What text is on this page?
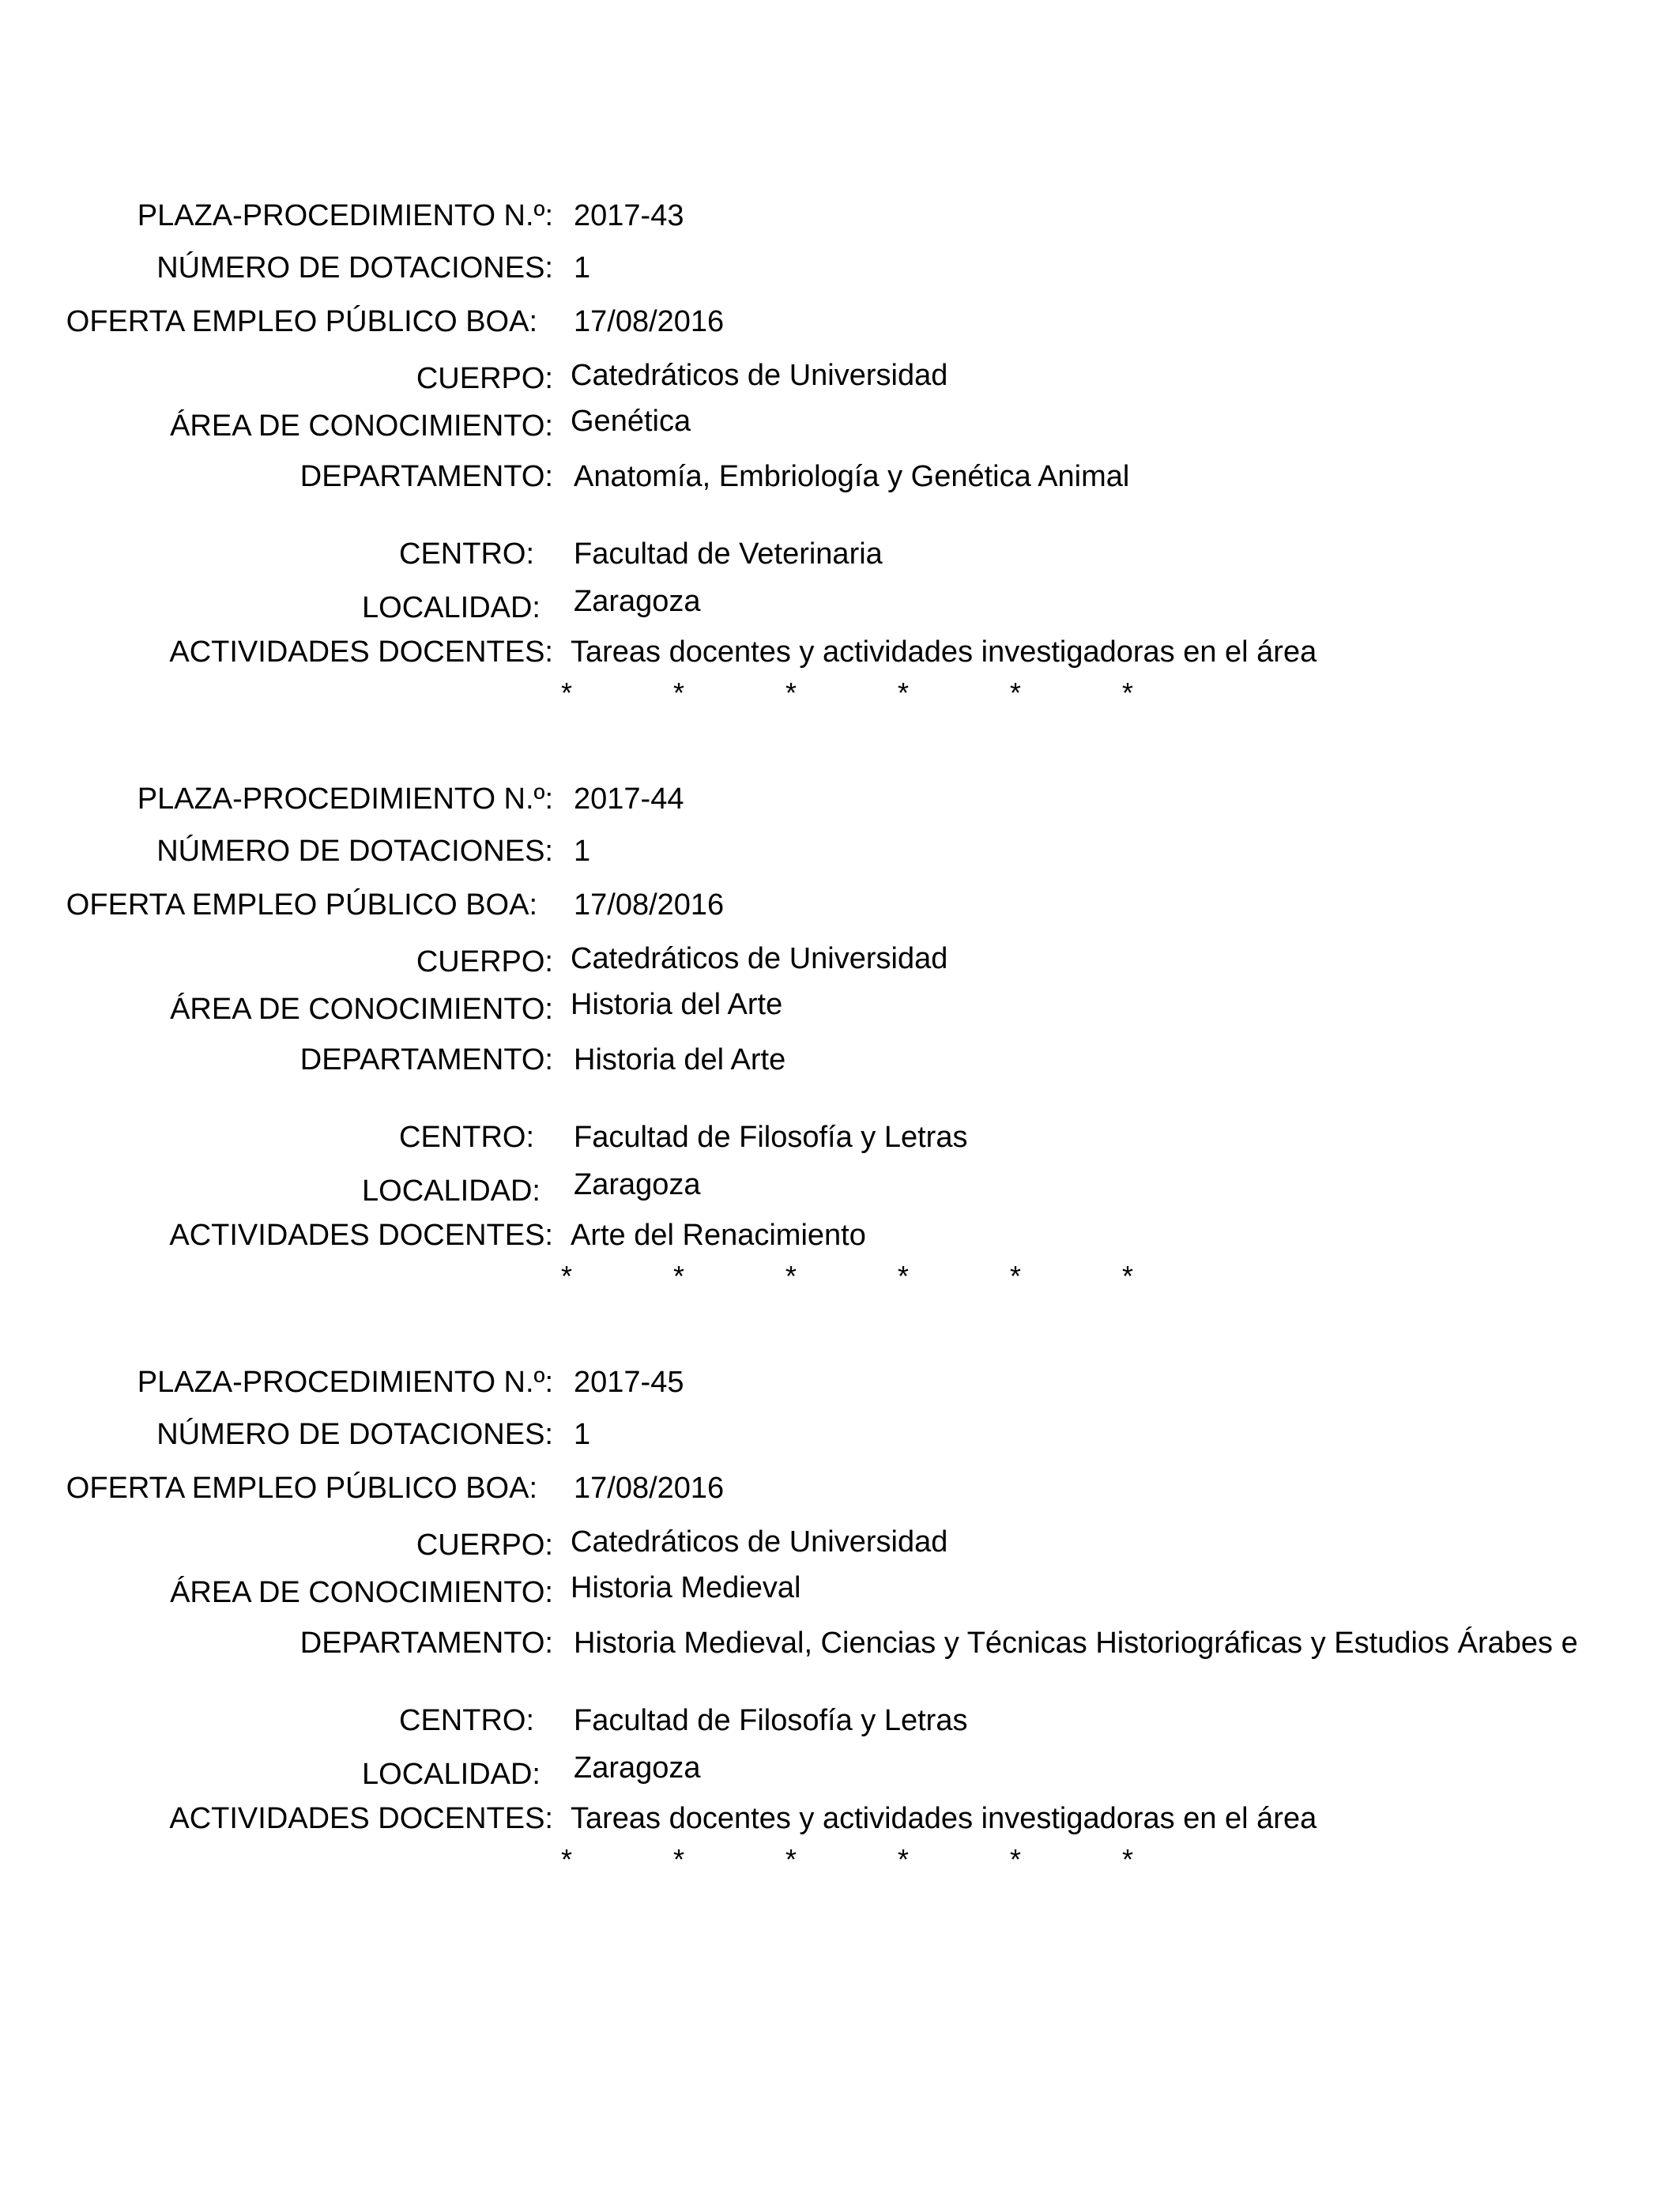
PLAZA-PROCEDIMIENTO N.º: 2017-43
NÚMERO DE DOTACIONES: 1
OFERTA EMPLEO PÚBLICO BOA: 17/08/2016
CUERPO: Catedráticos de Universidad
ÁREA DE CONOCIMIENTO: Genética
DEPARTAMENTO: Anatomía, Embriología y Genética Animal
CENTRO: Facultad de Veterinaria
LOCALIDAD: Zaragoza
ACTIVIDADES DOCENTES: Tareas docentes y actividades investigadoras en el área
*	*	*	*	*	*
PLAZA-PROCEDIMIENTO N.º: 2017-44
NÚMERO DE DOTACIONES: 1
OFERTA EMPLEO PÚBLICO BOA: 17/08/2016
CUERPO: Catedráticos de Universidad
ÁREA DE CONOCIMIENTO: Historia del Arte
DEPARTAMENTO: Historia del Arte
CENTRO: Facultad de Filosofía y Letras
LOCALIDAD: Zaragoza
ACTIVIDADES DOCENTES: Arte del Renacimiento
*	*	*	*	*	*
PLAZA-PROCEDIMIENTO N.º: 2017-45
NÚMERO DE DOTACIONES: 1
OFERTA EMPLEO PÚBLICO BOA: 17/08/2016
CUERPO: Catedráticos de Universidad
ÁREA DE CONOCIMIENTO: Historia Medieval
DEPARTAMENTO: Historia Medieval, Ciencias y Técnicas Historiográficas y Estudios Árabes e
CENTRO: Facultad de Filosofía y Letras
LOCALIDAD: Zaragoza
ACTIVIDADES DOCENTES: Tareas docentes y actividades investigadoras en el área
*	*	*	*	*	*
